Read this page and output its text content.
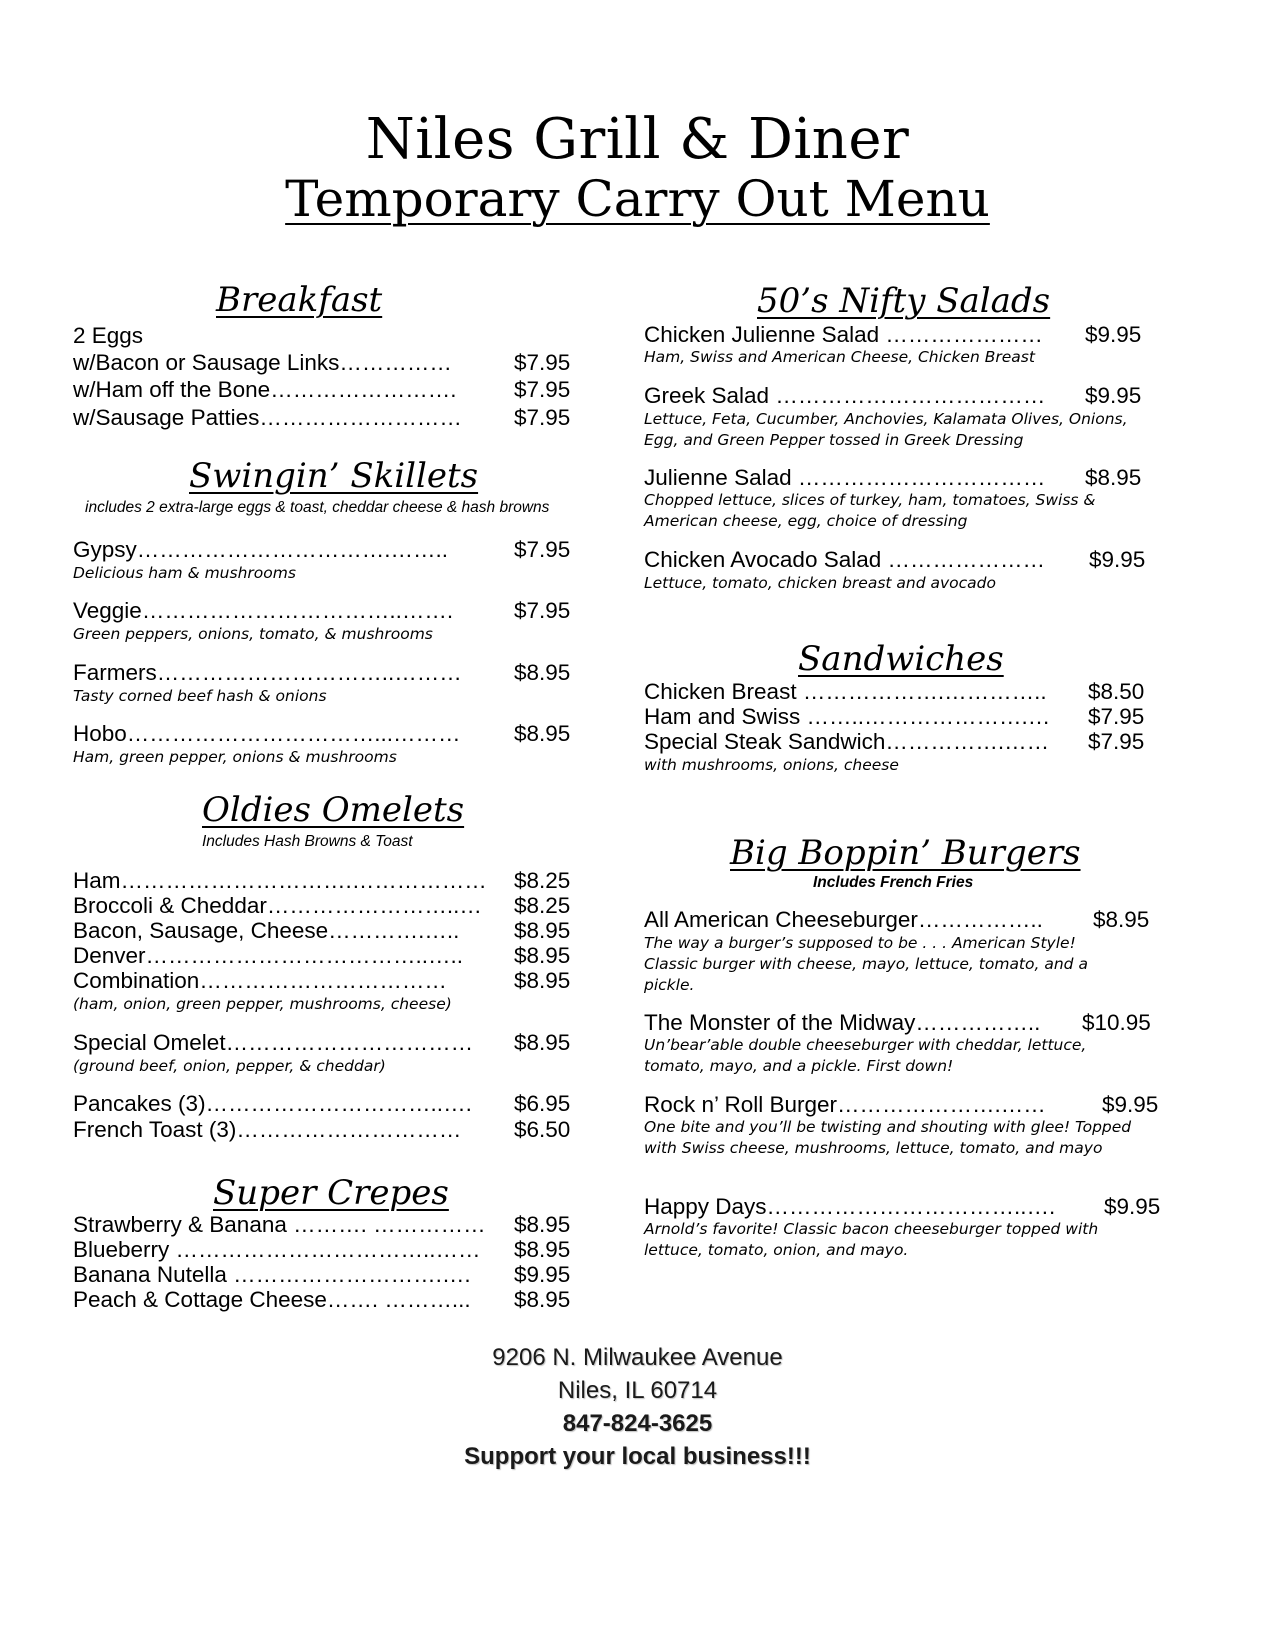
Niles Grill & Diner
Temporary Carry Out Menu
Breakfast
2 Eggs
w/Bacon or Sausage Links……………	$7.95
w/Ham off the Bone…………………….	$7.95
w/Sausage Patties……………………… $7.95
Swingin’ Skillets
includes 2 extra-large eggs & toast, cheddar cheese & hash browns
Gypsy…………………………….……..	$7.95
Delicious ham & mushrooms
Veggie……………………………..…….	$7.95
Green peppers, onions, tomato, & mushrooms
Farmers…………………………..……… $8.95
Tasty corned beef hash & onions
Hobo……………………………...……… $8.95
Ham, green pepper, onions & mushrooms
Oldies Omelets
Includes Hash Browns & Toast
Ham………………………….……………… $8.25
Broccoli & Cheddar……………………..… $8.25
Bacon, Sausage, Cheese………….….. $8.95
Denver………………………………..….. $8.95
Combination……………………………	$8.95
(ham, onion, green pepper, mushrooms, cheese)
Special Omelet…………………………… $8.95
(ground beef, onion, pepper, & cheddar)
Pancakes (3)…………………………..…. $6.95
French Toast (3)………………………… $6.50
Super Crepes
Strawberry & Banana ………. …………… $8.95
Blueberry ……………………………..…… $8.95
Banana Nutella ……………………….…. $9.95
Peach & Cottage Cheese……. ………... $8.95
50’s Nifty Salads
Chicken Julienne Salad ………………… $9.95
Ham, Swiss and American Cheese, Chicken Breast
Greek Salad ……………………………… $9.95
Lettuce, Feta, Cucumber, Anchovies, Kalamata Olives, Onions, Egg, and Green Pepper tossed in Greek Dressing
Julienne Salad …………………………… $8.95
Chopped lettuce, slices of turkey, ham, tomatoes, Swiss & American cheese, egg, choice of dressing
Chicken Avocado Salad ………………… $9.95
Lettuce, tomato, chicken breast and avocado
Sandwiches
Chicken Breast ……………….………….. $8.50
Ham and Swiss ……..………………….… $7.95
Special Steak Sandwich…………….…… $7.95
with mushrooms, onions, cheese
Big Boppin’ Burgers
Includes French Fries
All American Cheeseburger…………….. $8.95
The way a burger’s supposed to be . . . American Style! Classic burger with cheese, mayo, lettuce, tomato, and a pickle.
The Monster of the Midway…………….. $10.95
Un’bear’able double cheeseburger with cheddar, lettuce, tomato, mayo, and a pickle. First down!
Rock n’ Roll Burger………………….……	$9.95
One bite and you’ll be twisting and shouting with glee! Topped with Swiss cheese, mushrooms, lettuce, tomato, and mayo
Happy Days……………………………..…. $9.95
Arnold’s favorite! Classic bacon cheeseburger topped with lettuce, tomato, onion, and mayo.
9206 N. Milwaukee Avenue
Niles, IL 60714
847-824-3625
Support your local business!!!
